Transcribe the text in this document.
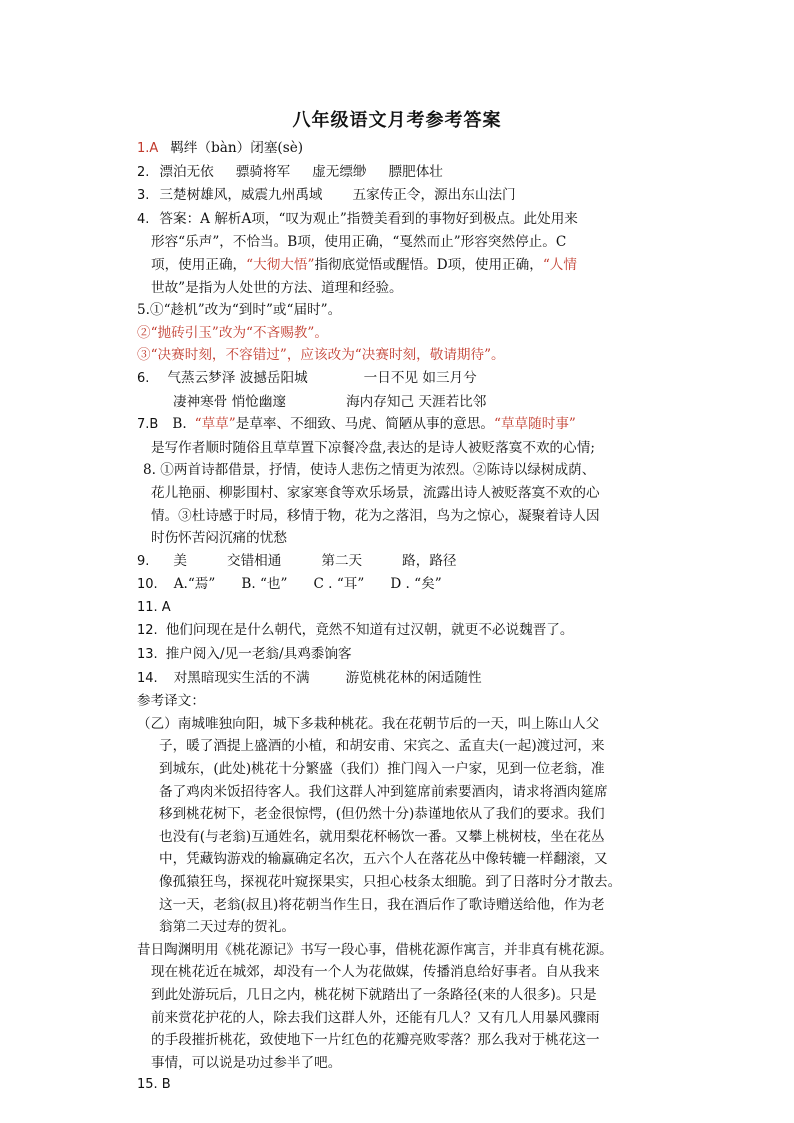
八年级语文月考参考答案
1.A 羁绊（bàn）闭塞(sè)
2. 漂泊无依 骠骑将军 虚无缥缈 膘肥体壮
3. 三楚树雄风，威震九州禹域 五家传正令，源出东山法门
4. 答案：A 解析A项，“叹为观止”指赞美看到的事物好到极点。此处用来
形容“乐声”，不恰当。B项，使用正确，“戛然而止”形容突然停止。C
项，使用正确，“大彻大悟”指彻底觉悟或醒悟。D项，使用正确，“人情
世故”是指为人处世的方法、道理和经验。
5.①“趁机”改为“到时”或“届时”。
②“抛砖引玉”改为“不吝赐教”。
③“决赛时刻，不容错过”，应该改为“决赛时刻，敬请期待”。
6. 气蒸云梦泽 波撼岳阳城	一日不见 如三月兮
凄神寒骨 悄怆幽邃	海内存知己 天涯若比邻
7.B B. “草草”是草率、不细致、马虎、简陋从事的意思。“草草随时事”
是写作者顺时随俗且草草置下凉餐冷盘,表达的是诗人被贬落寞不欢的心情;
8. ①两首诗都借景，抒情，使诗人悲伤之情更为浓烈。②陈诗以绿树成荫、
花儿艳丽、柳影围村、家家寒食等欢乐场景，流露出诗人被贬落寞不欢的心
情。③杜诗感于时局，移情于物，花为之落泪，鸟为之惊心，凝聚着诗人因
时伤怀苦闷沉痛的忧愁
9. 美	交错相通	第二天	路，路径
10. A.“焉” B. “也” C . “耳” D . “矣”
11. A
12. 他们问现在是什么朝代，竟然不知道有过汉朝，就更不必说魏晋了。
13. 推户阅入/见一老翁/具鸡黍饷客
14. 对黑暗现实生活的不满	游览桃花林的闲适随性
参考译文：
（乙）南城唯独向阳，城下多栽种桃花。我在花朝节后的一天，叫上陈山人父
子，暖了酒提上盛酒的小植，和胡安甫、宋宾之、孟直夫(一起)渡过河，来
到城东，(此处)桃花十分繁盛（我们）推门闯入一户家，见到一位老翁，准
备了鸡肉米饭招待客人。我们这群人冲到筵席前索要酒肉，请求将酒肉筵席
移到桃花树下，老金很惊愕，(但仍然十分)恭谨地依从了我们的要求。我们
也没有(与老翁)互通姓名，就用梨花杯畅饮一番。又攀上桃树枝，坐在花丛
中，凭藏钩游戏的输赢确定名次，五六个人在落花丛中像转辘一样翻滚，又
像孤猿狂鸟，探视花叶窥探果实，只担心枝条太细脆。到了日落时分才散去。
这一天，老翁(叔且)将花朝当作生日，我在酒后作了歌诗赠送给他，作为老
翁第二天过寿的贺礼。
昔日陶渊明用《桃花源记》书写一段心事，借桃花源作寓言，并非真有桃花源。
现在桃花近在城郊，却没有一个人为花做媒，传播消息给好事者。自从我来
到此处游玩后，几日之内，桃花树下就踏出了一条路径(来的人很多)。只是
前来赏花护花的人，除去我们这群人外，还能有几人？又有几人用暴风骤雨
的手段摧折桃花，致使地下一片红色的花瓣亮败零落？那么我对于桃花这一
事情，可以说是功过参半了吧。
15. B
